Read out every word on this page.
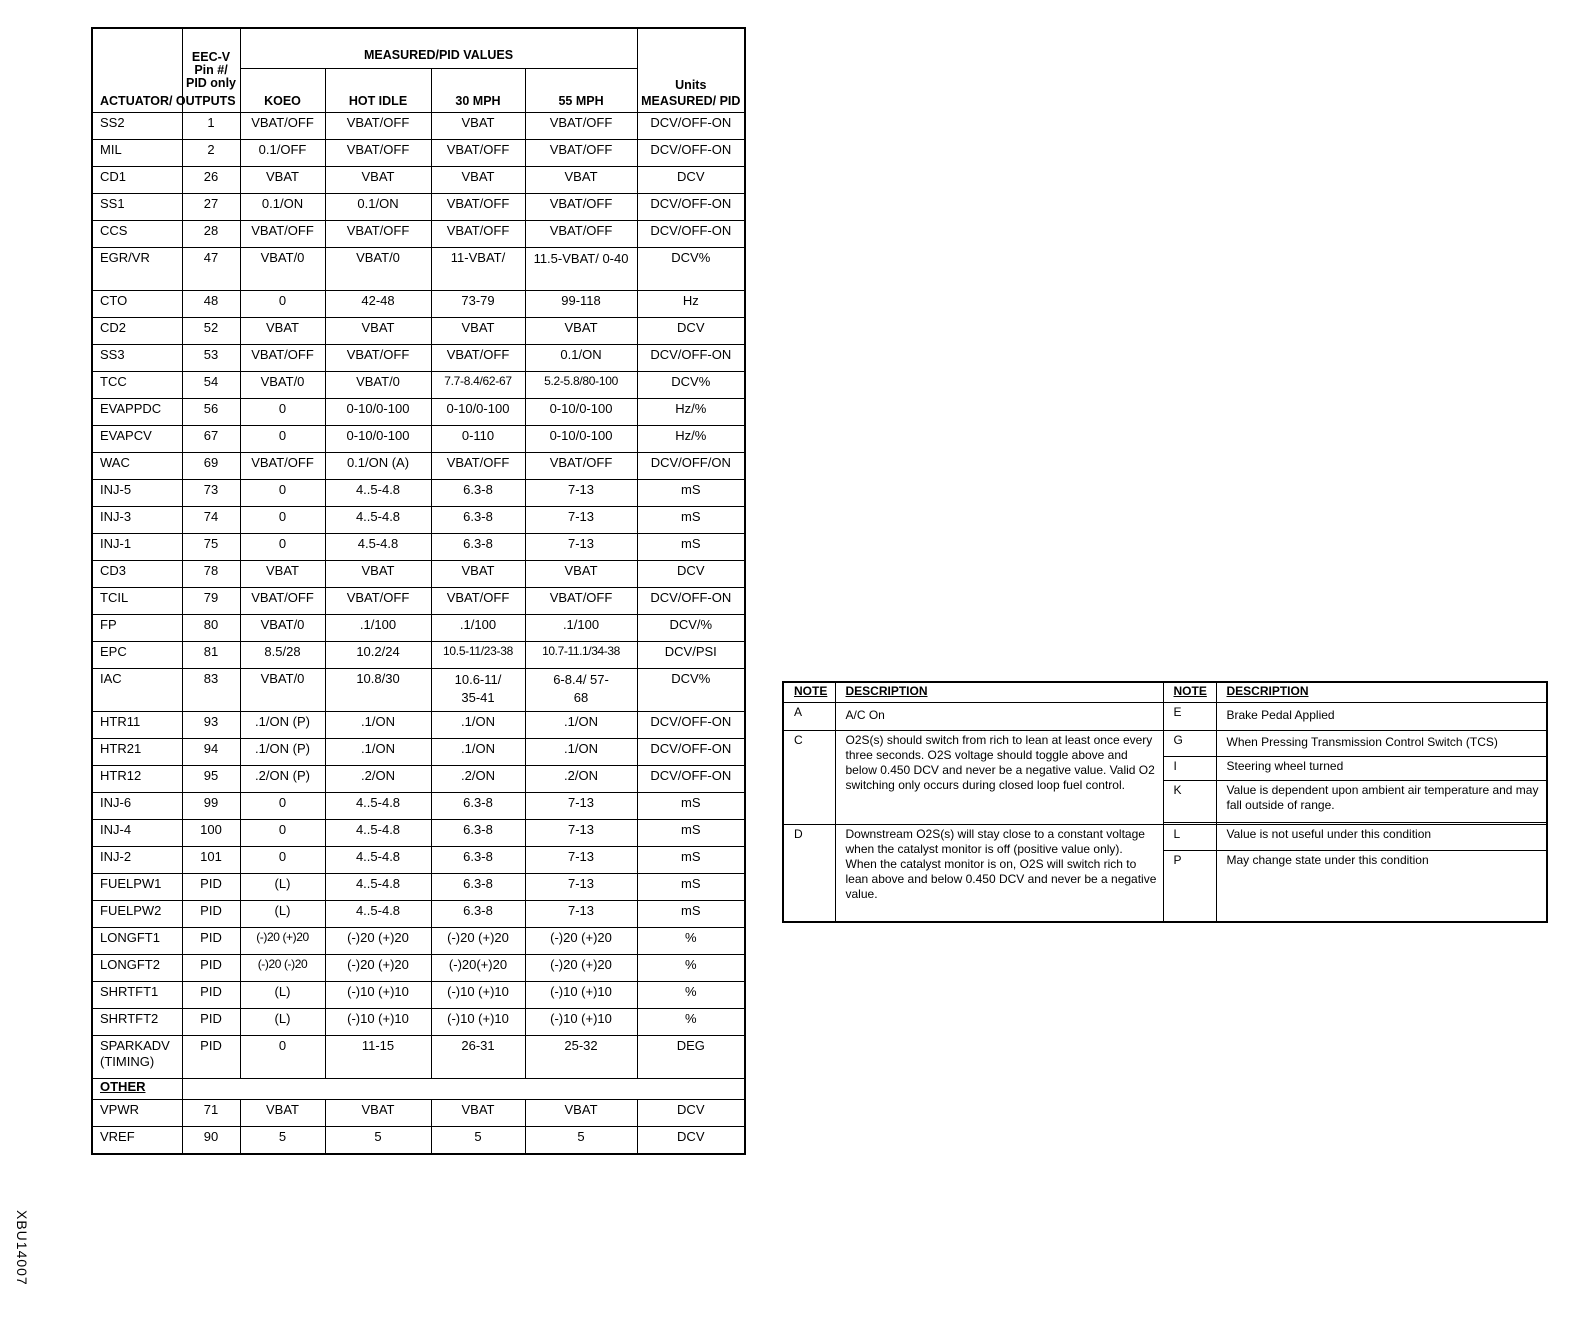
ACTUATOR/ OUTPUTS	EEC-V Pin #/ PID only	MEASURED/PID VALUES				Units MEASURED/ PID
		KOEO	HOT IDLE	30 MPH	55 MPH	
SS2	1	VBAT/OFF	VBAT/OFF	VBAT	VBAT/OFF	DCV/OFF-ON
MIL	2	0.1/OFF	VBAT/OFF	VBAT/OFF	VBAT/OFF	DCV/OFF-ON
CD1	26	VBAT	VBAT	VBAT	VBAT	DCV
SS1	27	0.1/ON	0.1/ON	VBAT/OFF	VBAT/OFF	DCV/OFF-ON
CCS	28	VBAT/OFF	VBAT/OFF	VBAT/OFF	VBAT/OFF	DCV/OFF-ON
EGR/VR	47	VBAT/0	VBAT/0	11-VBAT/	11.5-VBAT/ 0-40	DCV%
CTO	48	0	42-48	73-79	99-118	Hz
CD2	52	VBAT	VBAT	VBAT	VBAT	DCV
SS3	53	VBAT/OFF	VBAT/OFF	VBAT/OFF	0.1/ON	DCV/OFF-ON
TCC	54	VBAT/0	VBAT/0	7.7-8.4/62-67	5.2-5.8/80-100	DCV%
EVAPPDC	56	0	0-10/0-100	0-10/0-100	0-10/0-100	Hz/%
EVAPCV	67	0	0-10/0-100	0-110	0-10/0-100	Hz/%
WAC	69	VBAT/OFF	0.1/ON (A)	VBAT/OFF	VBAT/OFF	DCV/OFF/ON
INJ-5	73	0	4..5-4.8	6.3-8	7-13	mS
INJ-3	74	0	4..5-4.8	6.3-8	7-13	mS
INJ-1	75	0	4.5-4.8	6.3-8	7-13	mS
CD3	78	VBAT	VBAT	VBAT	VBAT	DCV
TCIL	79	VBAT/OFF	VBAT/OFF	VBAT/OFF	VBAT/OFF	DCV/OFF-ON
FP	80	VBAT/0	.1/100	.1/100	.1/100	DCV/%
EPC	81	8.5/28	10.2/24	10.5-11/23-38	10.7-11.1/34-38	DCV/PSI
IAC	83	VBAT/0	10.8/30	10.6-11/ 35-41	6-8.4/ 57-68	DCV%
HTR11	93	.1/ON (P)	.1/ON	.1/ON	.1/ON	DCV/OFF-ON
HTR21	94	.1/ON (P)	.1/ON	.1/ON	.1/ON	DCV/OFF-ON
HTR12	95	.2/ON (P)	.2/ON	.2/ON	.2/ON	DCV/OFF-ON
INJ-6	99	0	4..5-4.8	6.3-8	7-13	mS
INJ-4	100	0	4..5-4.8	6.3-8	7-13	mS
INJ-2	101	0	4..5-4.8	6.3-8	7-13	mS
FUELPW1	PID	(L)	4..5-4.8	6.3-8	7-13	mS
FUELPW2	PID	(L)	4..5-4.8	6.3-8	7-13	mS
LONGFT1	PID	(-)20 (+)20	(-)20 (+)20	(-)20 (+)20	(-)20 (+)20	%
LONGFT2	PID	(-)20 (-)20	(-)20 (+)20	(-)20(+)20	(-)20 (+)20	%
SHRTFT1	PID	(L)	(-)10 (+)10	(-)10 (+)10	(-)10 (+)10	%
SHRTFT2	PID	(L)	(-)10 (+)10	(-)10 (+)10	(-)10 (+)10	%
SPARKADV (TIMING)	PID	0	11-15	26-31	25-32	DEG
OTHER						
VPWR	71	VBAT	VBAT	VBAT	VBAT	DCV
VREF	90	5	5	5	5	DCV
NOTE	DESCRIPTION	NOTE	DESCRIPTION
A	A/C On	E	Brake Pedal Applied
C	O2S(s) should switch from rich to lean at least once every three seconds. O2S voltage should toggle above and below 0.450 DCV and never be a negative value. Valid O2 switching only occurs during closed loop fuel control.	G	When Pressing Transmission Control Switch (TCS)
		I	Steering wheel turned
		K	Value is dependent upon ambient air temperature and may fall outside of range.

D	Downstream O2S(s) will stay close to a constant voltage when the catalyst monitor is off (positive value only). When the catalyst monitor is on, O2S will switch rich to lean above and below 0.450 DCV and never be a negative value.	L	Value is not useful under this condition
		P	May change state under this condition
XBU14007
